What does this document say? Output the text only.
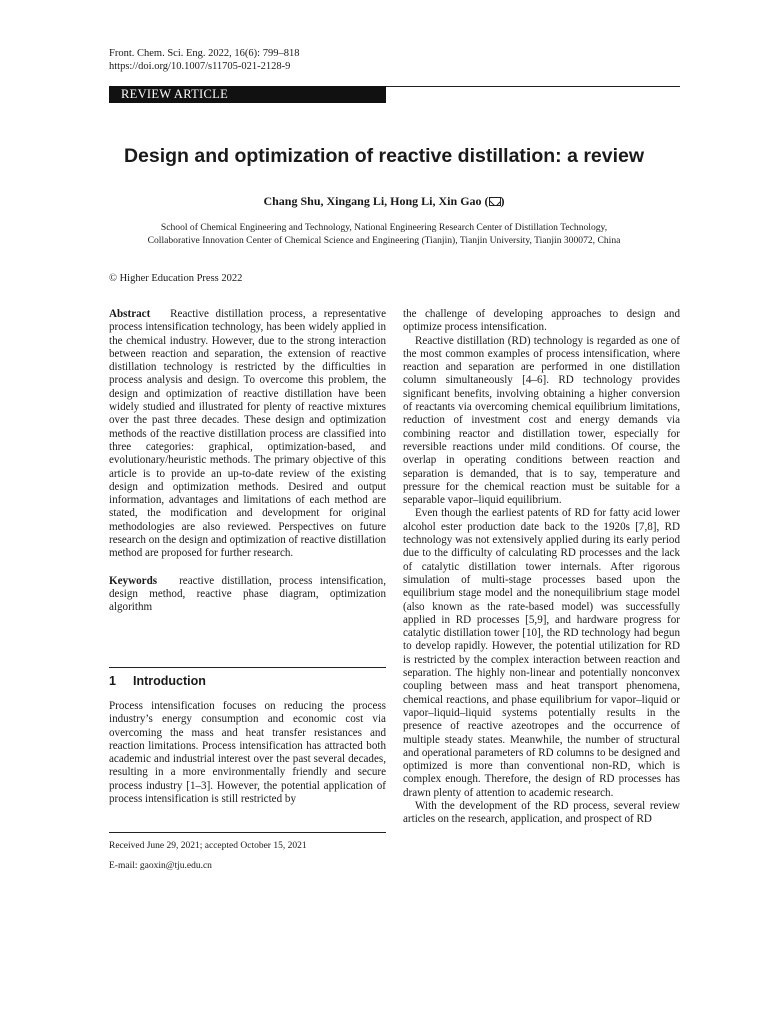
Front. Chem. Sci. Eng. 2022, 16(6): 799–818
https://doi.org/10.1007/s11705-021-2128-9
REVIEW ARTICLE
Design and optimization of reactive distillation: a review
Chang Shu, Xingang Li, Hong Li, Xin Gao ( )
School of Chemical Engineering and Technology, National Engineering Research Center of Distillation Technology,
Collaborative Innovation Center of Chemical Science and Engineering (Tianjin), Tianjin University, Tianjin 300072, China
© Higher Education Press 2022

Abstract Reactive distillation process, a representative process intensification technology, has been widely applied in the chemical industry. However, due to the strong interaction between reaction and separation, the extension of reactive distillation technology is restricted by the difficulties in process analysis and design. To overcome this problem, the design and optimization of reactive distillation have been widely studied and illustrated for plenty of reactive mixtures over the past three decades. These design and optimization methods of the reactive distillation process are classified into three categories: graphical, optimization-based, and evolutionary/heuristic methods. The primary objective of this article is to provide an up-to-date review of the existing design and optimization methods. Desired and output information, advantages and limitations of each method are stated, the modification and development for original methodologies are also reviewed. Perspectives on future research on the design and optimization of reactive distillation method are proposed for further research.

Keywords reactive distillation, process intensification, design method, reactive phase diagram, optimization algorithm

1 Introduction
Process intensification focuses on reducing the process industry’s energy consumption and economic cost via overcoming the mass and heat transfer resistances and reaction limitations. Process intensification has attracted both academic and industrial interest over the past several decades, resulting in a more environmentally friendly and secure process industry [1–3]. However, the potential application of process intensification is still restricted by
Received June 29, 2021; accepted October 15, 2021
E-mail: gaoxin@tju.edu.cn

the challenge of developing approaches to design and optimize process intensification.

Reactive distillation (RD) technology is regarded as one of the most common examples of process intensification, where reaction and separation are performed in one distillation column simultaneously [4–6]. RD technology provides significant benefits, involving obtaining a higher conversion of reactants via overcoming chemical equilibrium limitations, reduction of investment cost and energy demands via combining reactor and distillation tower, especially for reversible reactions under mild conditions. Of course, the overlap in operating conditions between reaction and separation is demanded, that is to say, temperature and pressure for the chemical reaction must be suitable for a separable vapor–liquid equilibrium.

Even though the earliest patents of RD for fatty acid lower alcohol ester production date back to the 1920s [7,8], RD technology was not extensively applied during its early period due to the difficulty of calculating RD processes and the lack of catalytic distillation tower internals. After rigorous simulation of multi-stage processes based upon the equilibrium stage model and the nonequilibrium stage model (also known as the rate-based model) was successfully applied in RD processes [5,9], and hardware progress for catalytic distillation tower [10], the RD technology had begun to develop rapidly. However, the potential utilization for RD is restricted by the complex interaction between reaction and separation. The highly non-linear and potentially nonconvex coupling between mass and heat transport phenomena, chemical reactions, and phase equilibrium for vapor–liquid or vapor–liquid–liquid systems potentially results in the presence of reactive azeotropes and the occurrence of multiple steady states. Meanwhile, the number of structural and operational parameters of RD columns to be designed and optimized is more than conventional non-RD, which is complex enough. Therefore, the design of RD processes has drawn plenty of attention to academic research.

With the development of the RD process, several review articles on the research, application, and prospect of RD
